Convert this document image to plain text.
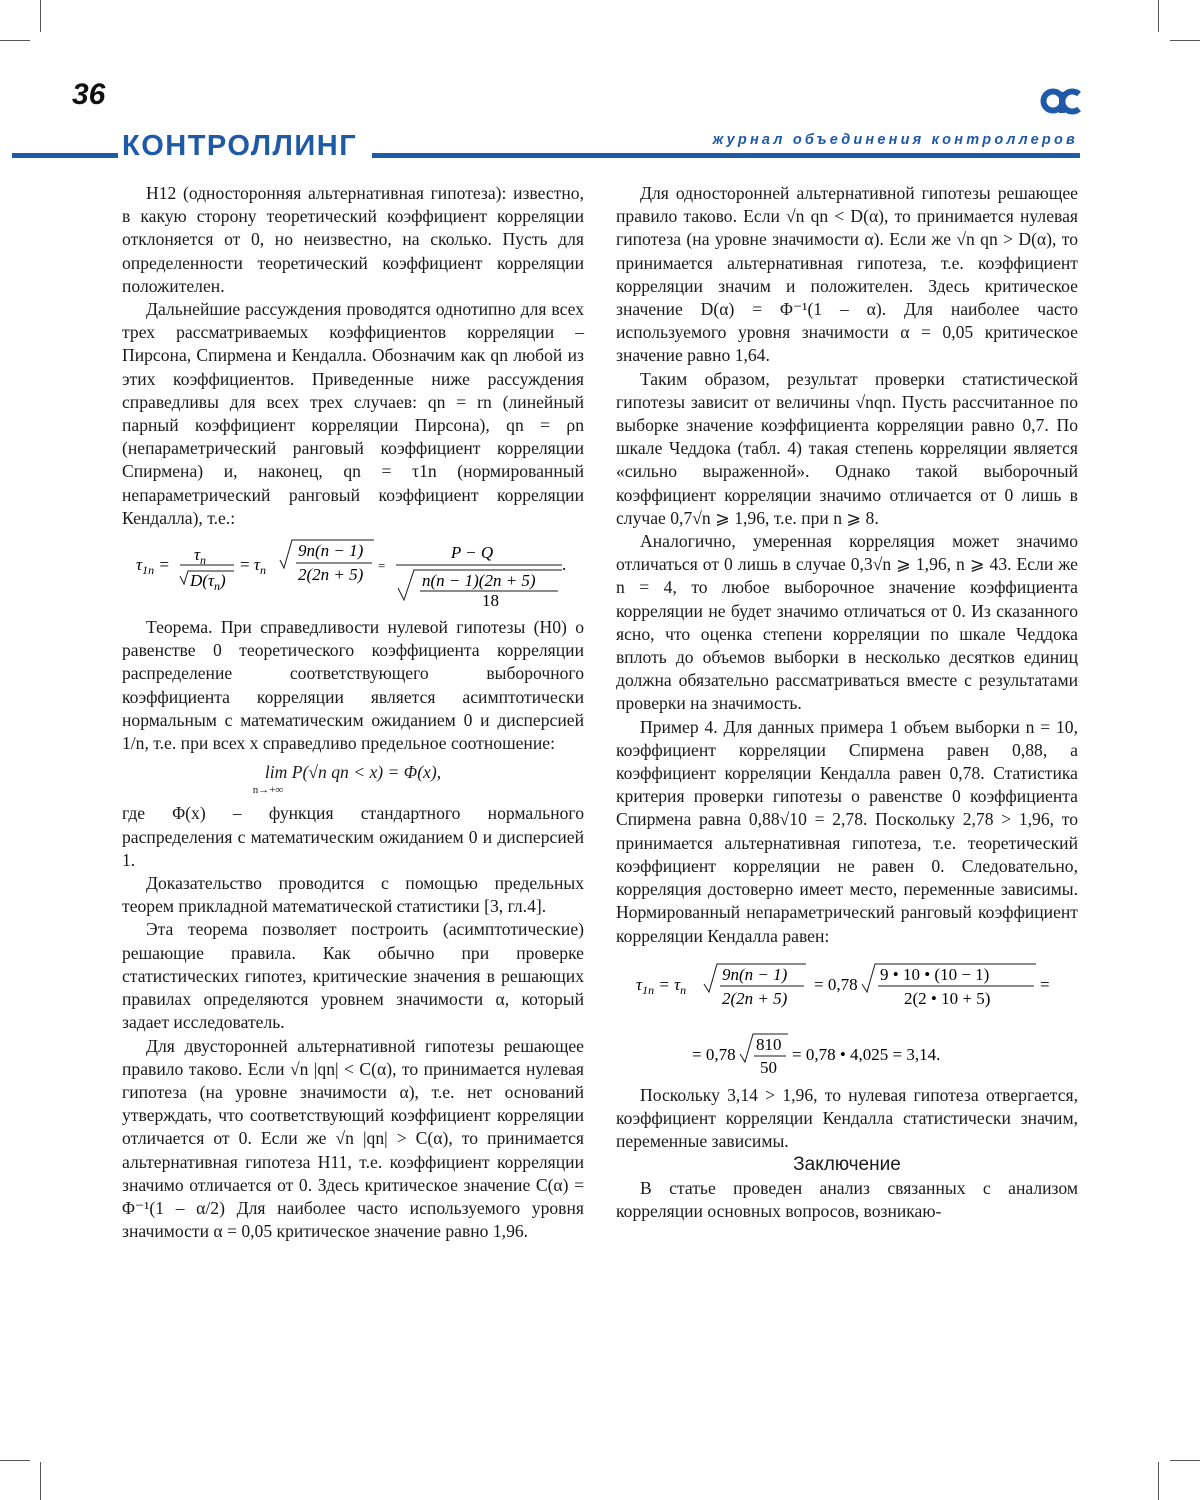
36
КОНТРОЛЛИНГ	журнал объединения контроллеров

H12 (односторонняя альтернативная гипотеза): известно, в какую сторону теоретический коэффициент корреляции отклоняется от 0, но неизвестно, на сколько. Пусть для определенности теоретический коэффициент корреляции положителен.

Дальнейшие рассуждения проводятся однотипно для всех трех рассматриваемых коэффициентов корреляции – Пирсона, Спирмена и Кендалла. Обозначим как qn любой из этих коэффициентов. Приведенные ниже рассуждения справедливы для всех трех случаев: qn = rn (линейный парный коэффициент корреляции Пирсона), qn = ρn (непараметрический ранговый коэффициент корреляции Спирмена) и, наконец, qn = τ1n (нормированный непараметрический ранговый коэффициент корреляции Кендалла), т.е.:

$\tau_{1n}$ =
$\tau_n$
$D(\tau_n)$
= $\tau_n$
9n(n − 1)
2(2n + 5) =
P − Q
n(n − 1)(2n + 5)
18
.

Теорема. При справедливости нулевой гипотезы (H0) о равенстве 0 теоретического коэффициента корреляции распределение соответствующего выборочного коэффициента корреляции является асимптотически нормальным с математическим ожиданием 0 и дисперсией 1/n, т.е. при всех x справедливо предельное соотношение:

lim P(√n qn < x) = Φ(x),
n→+∞

где Φ(x) – функция стандартного нормального распределения с математическим ожиданием 0 и дисперсией 1.

Доказательство проводится с помощью предельных теорем прикладной математической статистики [3, гл.4].

Эта теорема позволяет построить (асимптотические) решающие правила. Как обычно при проверке статистических гипотез, критические значения в решающих правилах определяются уровнем значимости α, который задает исследователь.

Для двусторонней альтернативной гипотезы решающее правило таково. Если √n |qn| < C(α), то принимается нулевая гипотеза (на уровне значимости α), т.е. нет оснований утверждать, что соответствующий коэффициент корреляции отличается от 0. Если же √n |qn| > C(α), то принимается альтернативная гипотеза H11, т.е. коэффициент корреляции значимо отличается от 0. Здесь критическое значение C(α) = Φ⁻¹(1 – α/2) Для наиболее часто используемого уровня значимости α = 0,05 критическое значение равно 1,96.

Для односторонней альтернативной гипотезы решающее правило таково. Если √n qn < D(α), то принимается нулевая гипотеза (на уровне значимости α). Если же √n qn > D(α), то принимается альтернативная гипотеза, т.е. коэффициент корреляции значим и положителен. Здесь критическое значение D(α) = Φ⁻¹(1 – α). Для наиболее часто используемого уровня значимости α = 0,05 критическое значение равно 1,64.

Таким образом, результат проверки статистической гипотезы зависит от величины √nqn. Пусть рассчитанное по выборке значение коэффициента корреляции равно 0,7. По шкале Чеддока (табл. 4) такая степень корреляции является «сильно выраженной». Однако такой выборочный коэффициент корреляции значимо отличается от 0 лишь в случае 0,7√n ⩾ 1,96, т.е. при n ⩾ 8.

Аналогично, умеренная корреляция может значимо отличаться от 0 лишь в случае 0,3√n ⩾ 1,96, n ⩾ 43. Если же n = 4, то любое выборочное значение коэффициента корреляции не будет значимо отличаться от 0. Из сказанного ясно, что оценка степени корреляции по шкале Чеддока вплоть до объемов выборки в несколько десятков единиц должна обязательно рассматриваться вместе с результатами проверки на значимость.

Пример 4. Для данных примера 1 объем выборки n = 10, коэффициент корреляции Спирмена равен 0,88, а коэффициент корреляции Кендалла равен 0,78. Статистика критерия проверки гипотезы о равенстве 0 коэффициента Спирмена равна 0,88√10 = 2,78. Поскольку 2,78 > 1,96, то принимается альтернативная гипотеза, т.е. теоретический коэффициент корреляции не равен 0. Следовательно, корреляция достоверно имеет место, переменные зависимы. Нормированный непараметрический ранговый коэффициент корреляции Кендалла равен:

$\tau_{1n} = \tau_n$
9n(n − 1)
2(2n + 5)
= 0,78
9 • 10 • (10 − 1)
2(2 • 10 + 5)
=
= 0,78
810
50
= 0,78 • 4,025 = 3,14.

Поскольку 3,14 > 1,96, то нулевая гипотеза отвергается, коэффициент корреляции Кендалла статистически значим, переменные зависимы.

Заключение

В статье проведен анализ связанных с анализом корреляции основных вопросов, возникаю-
